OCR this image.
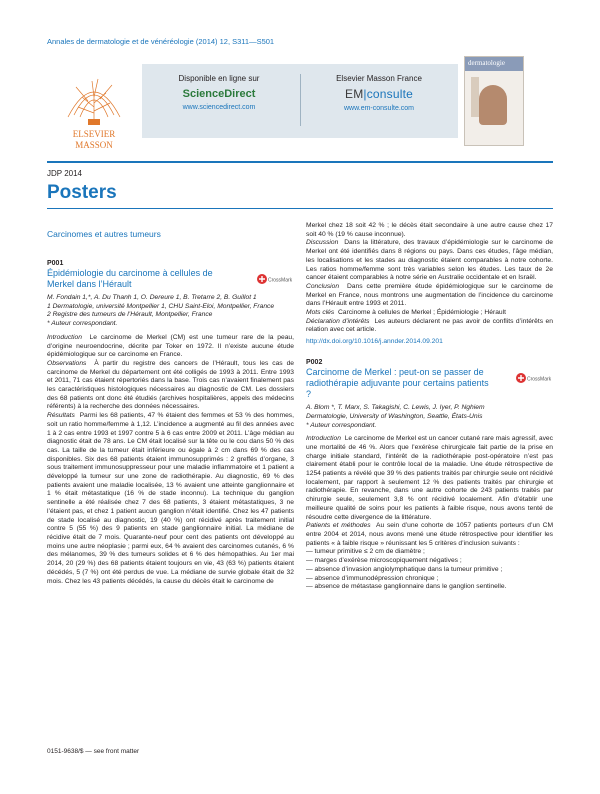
Annales de dermatologie et de vénéréologie (2014) 12, S311—S501
ELSEVIER
MASSON
Disponible en ligne sur
ScienceDirect
www.sciencedirect.com
Elsevier Masson France
EM|consulte
www.em-consulte.com
dermatologie
JDP 2014
Posters
Carcinomes et autres tumeurs
P001
Épidémiologie du carcinome à cellules de Merkel dans l’Hérault	CrossMark
M. Fondain 1,*, A. Du Thanh 1, O. Dereure 1, B. Tretarre 2, B. Guillot 1
1 Dermatologie, université Montpellier 1, CHU Saint-Eloi, Montpellier, France
2 Registre des tumeurs de l’Hérault, Montpellier, France
* Auteur correspondant.

Introduction Le carcinome de Merkel (CM) est une tumeur rare de la peau, d’origine neuroendocrine, décrite par Toker en 1972. Il n’existe aucune étude épidémiologique sur ce carcinome en France.

Observations À partir du registre des cancers de l’Hérault, tous les cas de carcinome de Merkel du département ont été colligés de 1993 à 2011. Entre 1993 et 2011, 71 cas étaient répertoriés dans la base. Trois cas n’avaient finalement pas les caractéristiques histologiques nécessaires au diagnostic de CM. Les dossiers des 68 patients ont donc été étudiés (archives hospitalières, appels des médecins référents) à la recherche des données nécessaires.

Résultats Parmi les 68 patients, 47 % étaient des femmes et 53 % des hommes, soit un ratio homme/femme à 1,12. L’incidence a augmenté au fil des années avec 1 à 2 cas entre 1993 et 1997 contre 5 à 6 cas entre 2009 et 2011. L’âge médian au diagnostic était de 78 ans. Le CM était localisé sur la tête ou le cou dans 50 % des cas. La taille de la tumeur était inférieure ou égale à 2 cm dans 69 % des cas disponibles. Six des 68 patients étaient immunosupprimés : 2 greffés d’organe, 3 sous traitement immunosuppresseur pour une maladie inflammatoire et 1 patient a développé la tumeur sur une zone de radiothérapie. Au diagnostic, 69 % des patients avaient une maladie localisée, 13 % avaient une atteinte ganglionnaire et 1 % était métastatique (16 % de stade inconnu). La technique du ganglion sentinelle a été réalisée chez 7 des 68 patients, 3 étaient métastatiques, 3 ne l’étaient pas, et chez 1 patient aucun ganglion n’était identifié. Chez les 47 patients de stade localisé au diagnostic, 19 (40 %) ont récidivé après traitement initial contre 5 (55 %) des 9 patients en stade ganglionnaire initial. La médiane de récidive était de 7 mois. Quarante-neuf pour cent des patients ont développé au moins une autre néoplasie ; parmi eux, 64 % avaient des carcinomes cutanés, 6 % des mélanomes, 39 % des tumeurs solides et 6 % des hémopathies. Au 1er mai 2014, 20 (29 %) des 68 patients étaient toujours en vie, 43 (63 %) patients étaient décédés, 5 (7 %) ont été perdus de vue. La médiane de survie globale était de 32 mois. Chez les 43 patients décédés, la cause du décès était le carcinome de

Merkel chez 18 soit 42 % ; le décès était secondaire à une autre cause chez 17 soit 40 % (19 % cause inconnue).

Discussion Dans la littérature, des travaux d’épidémiologie sur le carcinome de Merkel ont été identifiés dans 8 régions ou pays. Dans ces études, l’âge médian, les localisations et les stades au diagnostic étaient comparables à notre cohorte. Les ratios homme/femme sont très variables selon les études. Les taux de 2e cancer étaient comparables à notre série en Australie occidentale et en Israël.

Conclusion Dans cette première étude épidémiologique sur le carcinome de Merkel en France, nous montrons une augmentation de l’incidence du carcinome dans l’Hérault entre 1993 et 2011.

Mots clés Carcinome à cellules de Merkel ; Épidémiologie ; Hérault

Déclaration d’intérêts Les auteurs déclarent ne pas avoir de conflits d’intérêts en relation avec cet article.

http://dx.doi.org/10.1016/j.annder.2014.09.201
P002
Carcinome de Merkel : peut-on se passer de radiothérapie adjuvante pour certains patients ?
CrossMark
A. Blom *, T. Marx, S. Takagishi, C. Lewis, J. Iyer, P. Nghiem
Dermatologie, University of Washington, Seattle, États-Unis
* Auteur correspondant.

Introduction Le carcinome de Merkel est un cancer cutané rare mais agressif, avec une mortalité de 46 %. Alors que l’exérèse chirurgicale fait partie de la prise en charge initiale standard, l’intérêt de la radiothérapie post-opératoire n’est pas clairement établi pour le contrôle local de la maladie. Une étude rétrospective de 1254 patients a révélé que 39 % des patients traités par chirurgie seule ont récidivé localement, par rapport à seulement 12 % des patients traités par chirurgie et radiothérapie. En revanche, dans une autre cohorte de 243 patients traités par chirurgie seule, seulement 3,8 % ont récidivé localement. Afin d’établir une meilleure qualité de soins pour les patients à faible risque, nous avons tenté de résoudre cette divergence de la littérature.

Patients et méthodes Au sein d’une cohorte de 1057 patients porteurs d’un CM entre 2004 et 2014, nous avons mené une étude rétrospective pour identifier les patients « à faible risque » réunissant les 5 critères d’inclusion suivants :

— tumeur primitive ≤ 2 cm de diamètre ;
— marges d’exérèse microscopiquement négatives ;
— absence d’invasion angiolymphatique dans la tumeur primitive ;
— absence d’immunodépression chronique ;
— absence de métastase ganglionnaire dans le ganglion sentinelle.
0151-9638/$ — see front matter
